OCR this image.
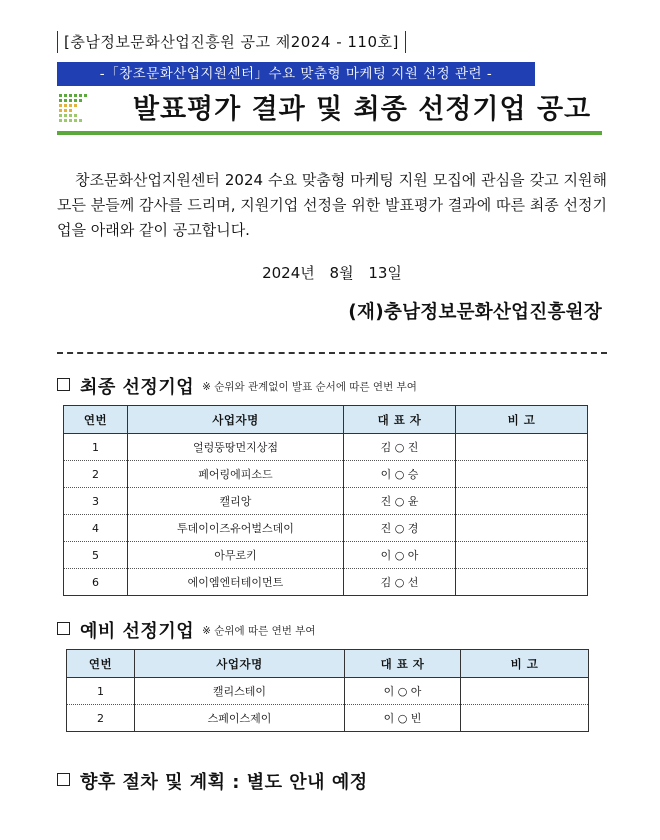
[충남정보문화산업진흥원 공고 제2024 - 110호]
-「창조문화산업지원센터」수요 맞춤형 마케팅 지원 선정 관련 -
발표평가 결과 및 최종 선정기업 공고
창조문화산업지원센터 2024 수요 맞춤형 마케팅 지원 모집에 관심을 갖고 지원해 모든 분들께 감사를 드리며, 지원기업 선정을 위한 발표평가 결과에 따른 최종 선정기업을 아래와 같이 공고합니다.
2024년 8월 13일
(재)충남정보문화산업진흥원장
최종 선정기업 ※ 순위와 관계없이 발표 순서에 따른 연번 부여
연번	사업자명	대 표 자	비 고
1	얼렁뚱땅먼지상점	김 ○ 진	
2	페어링에피소드	이 ○ 승	
3	캘리앙	진 ○ 윤	
4	투데이이즈유어벌스데이	진 ○ 경	
5	아무로키	이 ○ 아	
6	에이엠엔터테이먼트	김 ○ 선	
예비 선정기업 ※ 순위에 따른 연번 부여
연번	사업자명	대 표 자	비 고
1	캘리스테이	이 ○ 아	
2	스페이스제이	이 ○ 빈	
향후 절차 및 계획 : 별도 안내 예정
